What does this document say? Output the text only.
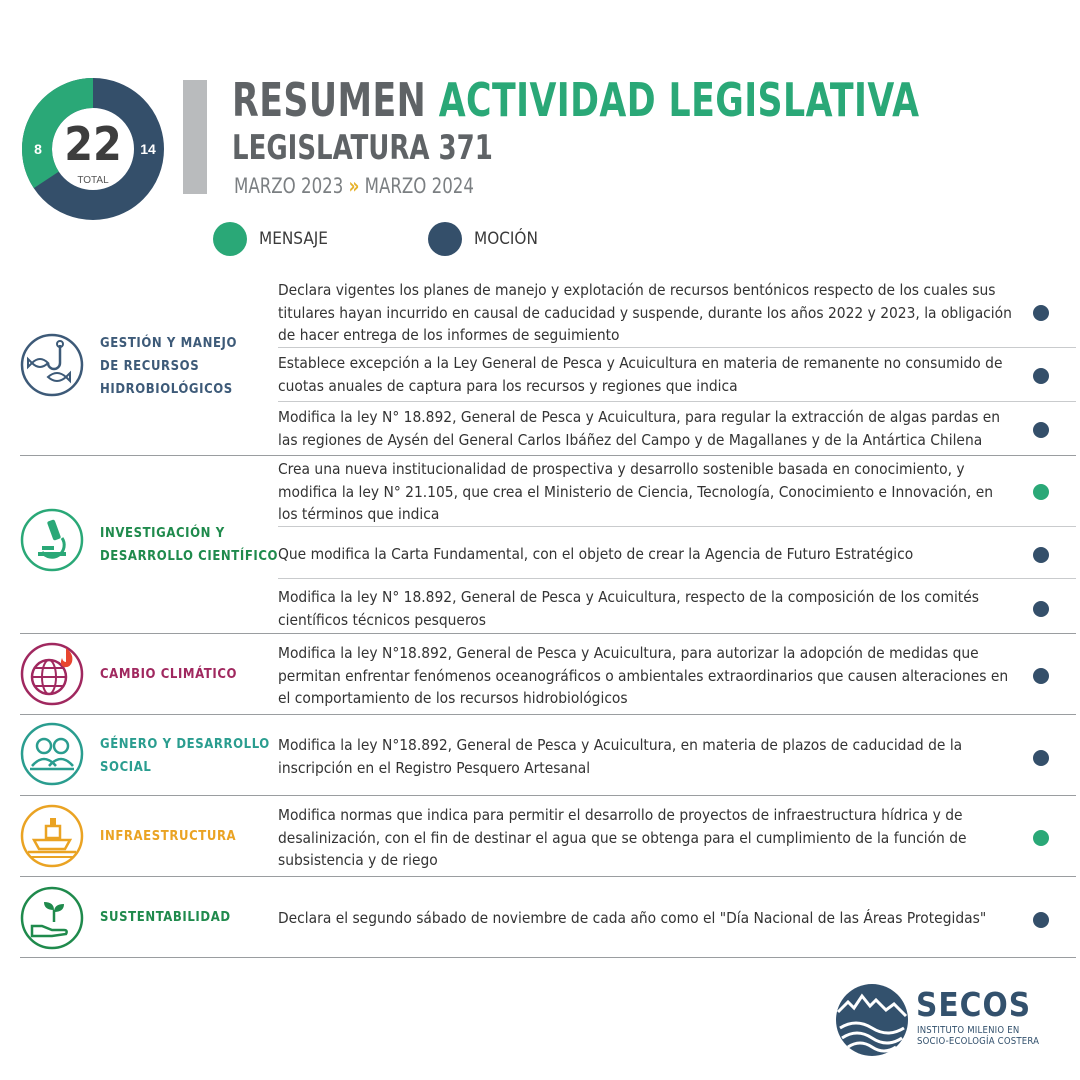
22
TOTAL
8	14
RESUMEN ACTIVIDAD LEGISLATIVA
LEGISLATURA 371
MARZO 2023 » MARZO 2024
MENSAJE	MOCIÓN
GESTIÓN Y MANEJO
DE RECURSOS
HIDROBIOLÓGICOS
Declara vigentes los planes de manejo y explotación de recursos bentónicos respecto de los cuales sus titulares hayan incurrido en causal de caducidad y suspende, durante los años 2022 y 2023, la obligación de hacer entrega de los informes de seguimiento
Establece excepción a la Ley General de Pesca y Acuicultura en materia de remanente no consumido de cuotas anuales de captura para los recursos y regiones que indica
Modifica la ley N° 18.892, General de Pesca y Acuicultura, para regular la extracción de algas pardas en las regiones de Aysén del General Carlos Ibáñez del Campo y de Magallanes y de la Antártica Chilena
INVESTIGACIÓN Y
DESARROLLO CIENTÍFICO
Crea una nueva institucionalidad de prospectiva y desarrollo sostenible basada en conocimiento, y modifica la ley N° 21.105, que crea el Ministerio de Ciencia, Tecnología, Conocimiento e Innovación, en los términos que indica
Que modifica la Carta Fundamental, con el objeto de crear la Agencia de Futuro Estratégico
Modifica la ley N° 18.892, General de Pesca y Acuicultura, respecto de la composición de los comités científicos técnicos pesqueros
CAMBIO CLIMÁTICO
Modifica la ley N°18.892, General de Pesca y Acuicultura, para autorizar la adopción de medidas que permitan enfrentar fenómenos oceanográficos o ambientales extraordinarios que causen alteraciones en el comportamiento de los recursos hidrobiológicos
GÉNERO Y DESARROLLO
SOCIAL
Modifica la ley N°18.892, General de Pesca y Acuicultura, en materia de plazos de caducidad de la inscripción en el Registro Pesquero Artesanal
INFRAESTRUCTURA
Modifica normas que indica para permitir el desarrollo de proyectos de infraestructura hídrica y de desalinización, con el fin de destinar el agua que se obtenga para el cumplimiento de la función de subsistencia y de riego
SUSTENTABILIDAD	Declara el segundo sábado de noviembre de cada año como el "Día Nacional de las Áreas Protegidas"
SECOS
INSTITUTO MILENIO EN
SOCIO-ECOLOGÍA COSTERA
